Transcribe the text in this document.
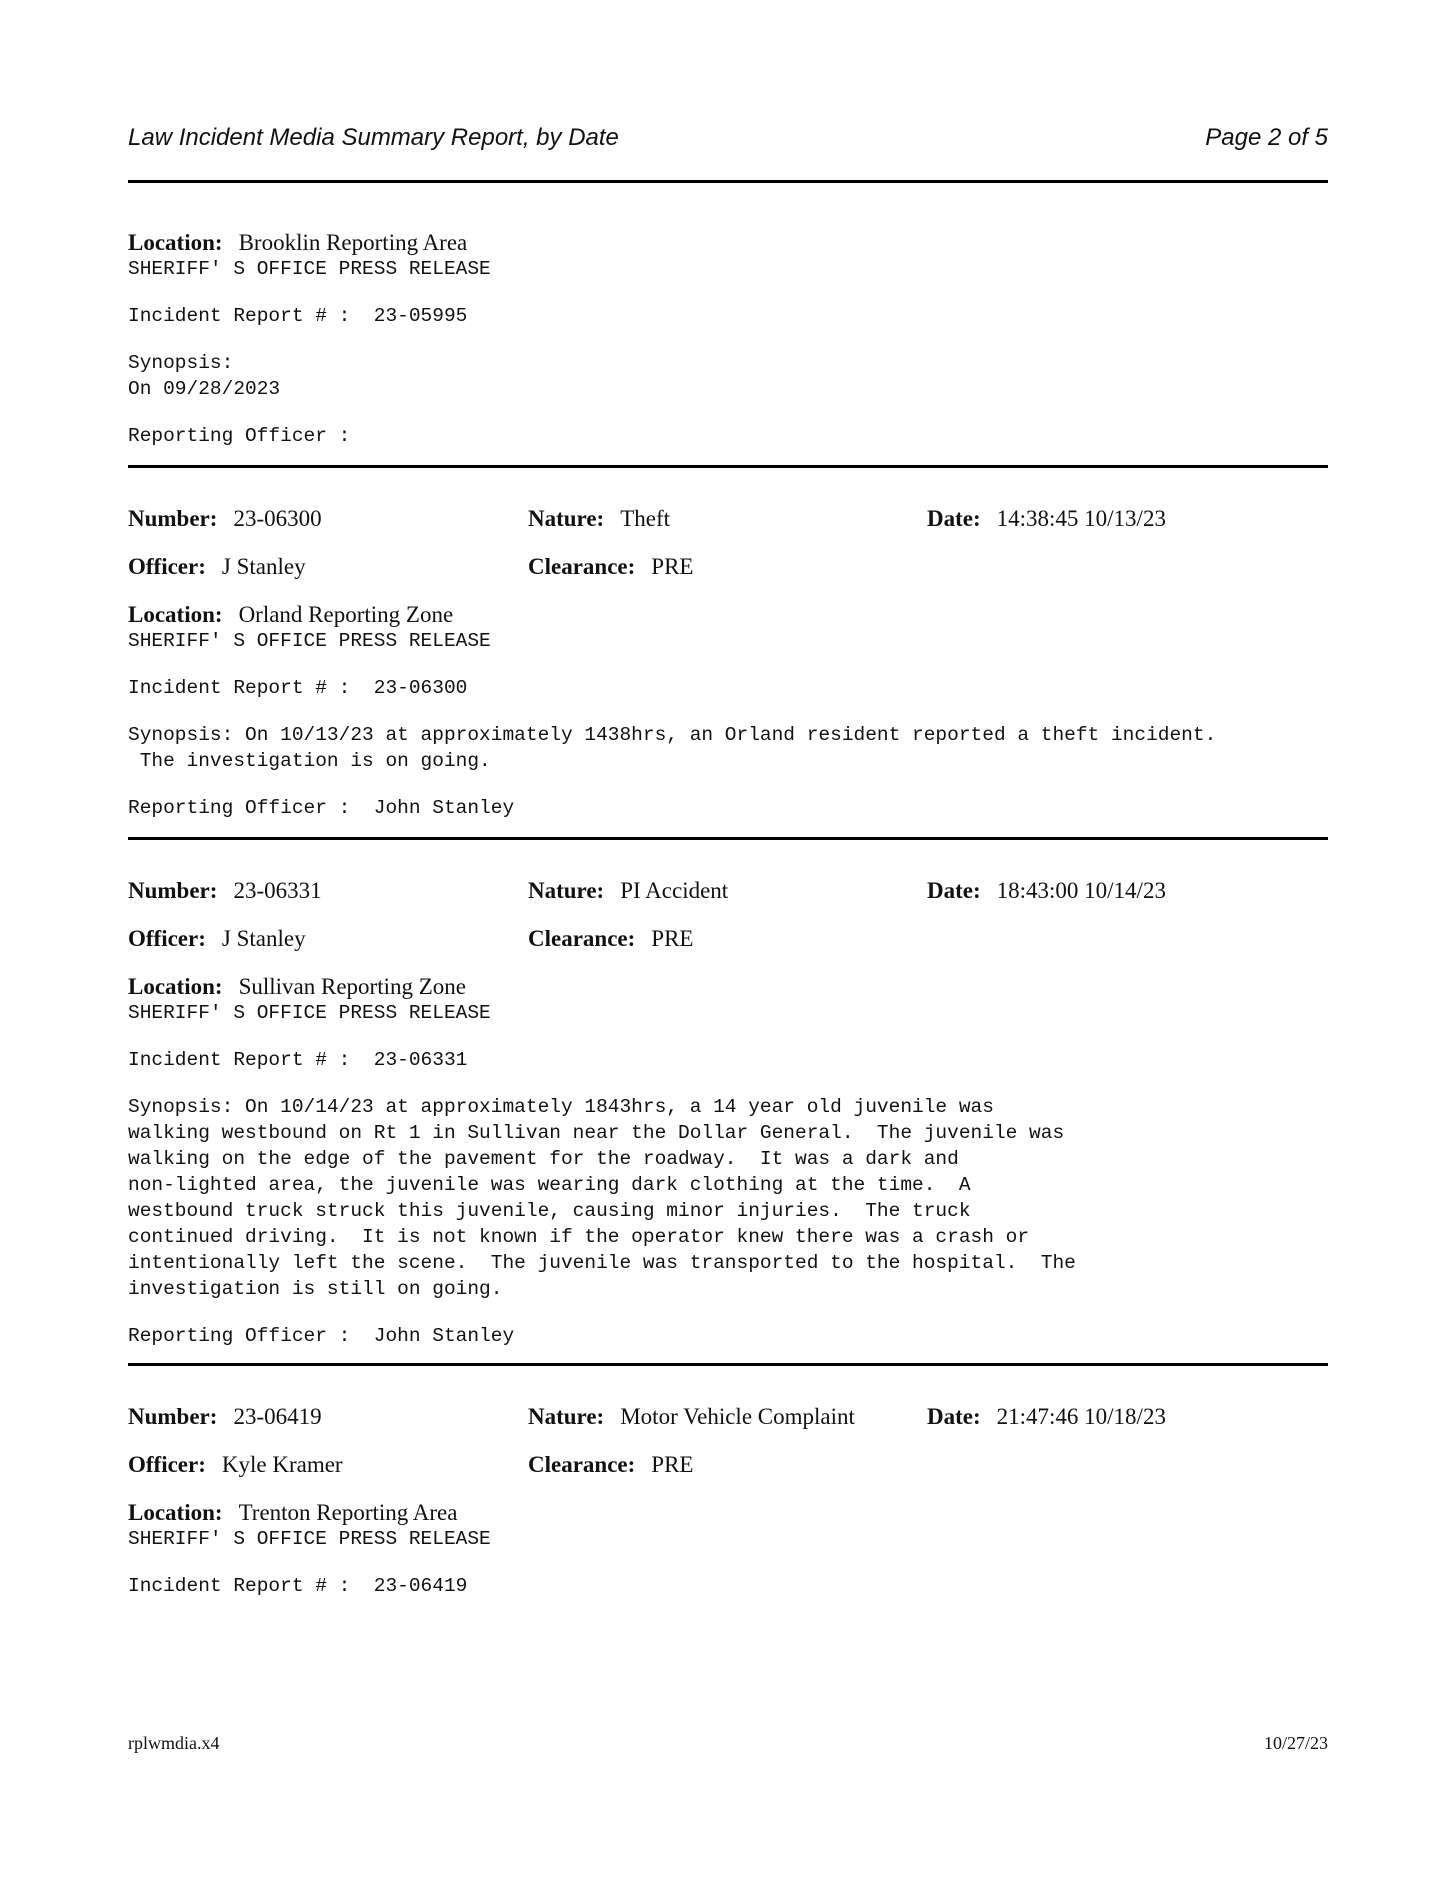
Law Incident Media Summary Report, by Date	Page 2 of 5
Location: Brooklin Reporting Area
SHERIFF' S OFFICE PRESS RELEASE
Incident Report # : 23-05995
Synopsis:
On 09/28/2023
Reporting Officer :
Number: 23-06300	Nature: Theft	Date: 14:38:45 10/13/23
Officer: J Stanley	Clearance: PRE
Location: Orland Reporting Zone
SHERIFF' S OFFICE PRESS RELEASE
Incident Report # : 23-06300
Synopsis: On 10/13/23 at approximately 1438hrs, an Orland resident reported a theft incident.
The investigation is on going.
Reporting Officer : John Stanley
Number: 23-06331	Nature: PI Accident	Date: 18:43:00 10/14/23
Officer: J Stanley	Clearance: PRE
Location: Sullivan Reporting Zone
SHERIFF' S OFFICE PRESS RELEASE
Incident Report # : 23-06331
Synopsis: On 10/14/23 at approximately 1843hrs, a 14 year old juvenile was
walking westbound on Rt 1 in Sullivan near the Dollar General.  The juvenile was
walking on the edge of the pavement for the roadway.  It was a dark and
non-lighted area, the juvenile was wearing dark clothing at the time.  A
westbound truck struck this juvenile, causing minor injuries.  The truck
continued driving.  It is not known if the operator knew there was a crash or
intentionally left the scene.  The juvenile was transported to the hospital.  The
investigation is still on going.
Reporting Officer : John Stanley
Number: 23-06419	Nature: Motor Vehicle Complaint	Date: 21:47:46 10/18/23
Officer: Kyle Kramer	Clearance: PRE
Location: Trenton Reporting Area
SHERIFF' S OFFICE PRESS RELEASE
Incident Report # : 23-06419
rplwmdia.x4	10/27/23
